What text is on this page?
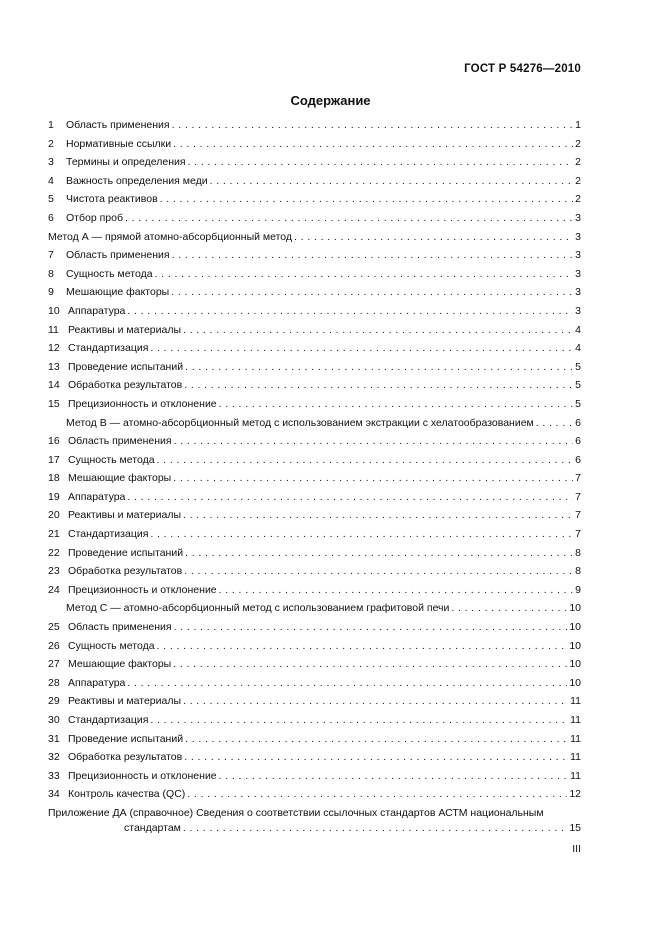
ГОСТ Р 54276—2010
Содержание
1 Область применения . . .	1
2 Нормативные ссылки . . .	2
3 Термины и определения . . .	2
4 Важность определения меди . . .	2
5 Чистота реактивов . . .	2
6 Отбор проб . . .	3
Метод А — прямой атомно-абсорбционный метод . . .	3
7 Область применения . . .	3
8 Сущность метода . . .	3
9 Мешающие факторы . . .	3
10 Аппаратура . . .	3
11 Реактивы и материалы . . .	4
12 Стандартизация . . .	4
13 Проведение испытаний . . .	5
14 Обработка результатов . . .	5
15 Прецизионность и отклонение . . .	5
Метод В — атомно-абсорбционный метод с использованием экстракции с хелатообразованием . . .	6
16 Область применения . . .	6
17 Сущность метода . . .	6
18 Мешающие факторы . . .	7
19 Аппаратура . . .	7
20 Реактивы и материалы . . .	7
21 Стандартизация . . .	7
22 Проведение испытаний . . .	8
23 Обработка результатов . . .	8
24 Прецизионность и отклонение . . .	9
Метод С — атомно-абсорбционный метод с использованием графитовой печи . . .	10
25 Область применения . . .	10
26 Сущность метода . . .	10
27 Мешающие факторы . . .	10
28 Аппаратура . . .	10
29 Реактивы и материалы . . .	11
30 Стандартизация . . .	11
31 Проведение испытаний . . .	11
32 Обработка результатов . . .	11
33 Прецизионность и отклонение . . .	11
34 Контроль качества (QC) . . .	12
Приложение ДА (справочное) Сведения о соответствии ссылочных стандартов АСТМ национальным
стандартам . . .	15
III
